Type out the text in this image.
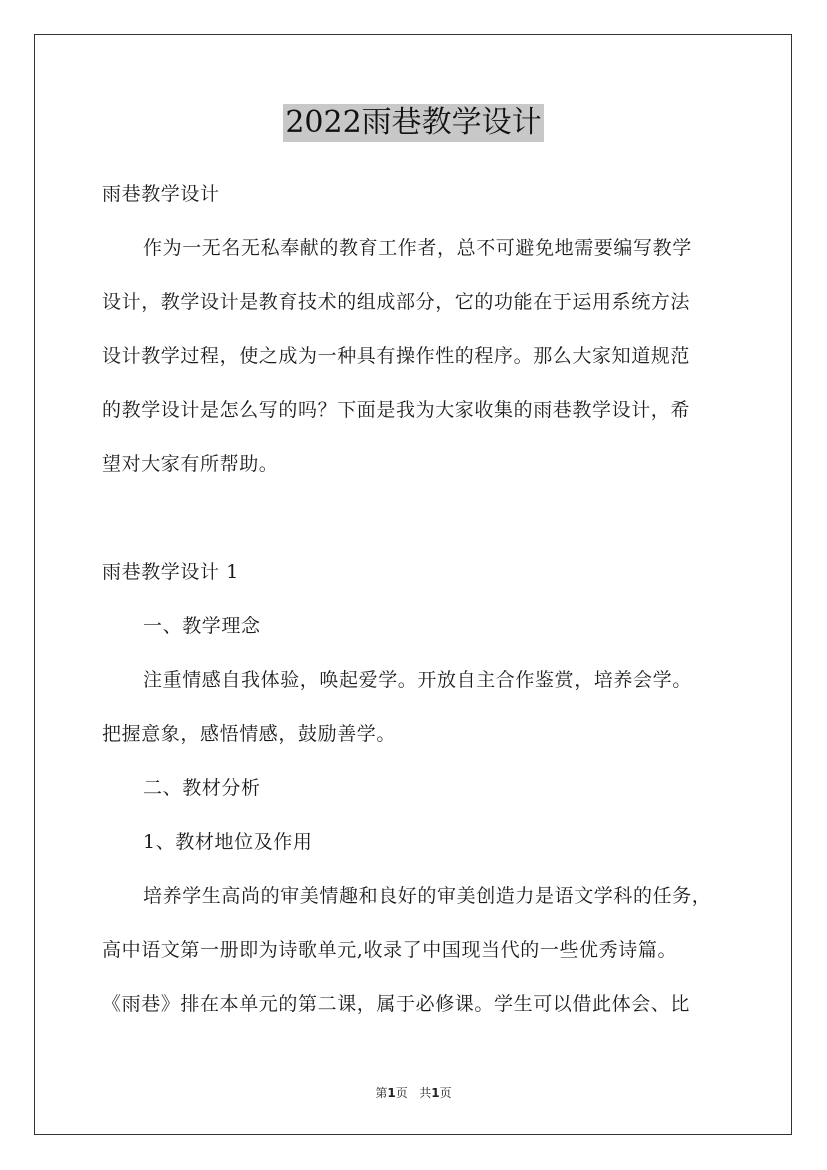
2022雨巷教学设计
雨巷教学设计
作为一无名无私奉献的教育工作者，总不可避免地需要编写教学
设计，教学设计是教育技术的组成部分，它的功能在于运用系统方法
设计教学过程，使之成为一种具有操作性的程序。那么大家知道规范
的教学设计是怎么写的吗？下面是我为大家收集的雨巷教学设计，希
望对大家有所帮助。
雨巷教学设计 1
一、教学理念
注重情感自我体验，唤起爱学。开放自主合作鉴赏，培养会学。
把握意象，感悟情感，鼓励善学。
二、教材分析
1、教材地位及作用
培养学生高尚的审美情趣和良好的审美创造力是语文学科的任务，
高中语文第一册即为诗歌单元,收录了中国现当代的一些优秀诗篇。
《雨巷》排在本单元的第二课，属于必修课。学生可以借此体会、比
第1页 共1页
